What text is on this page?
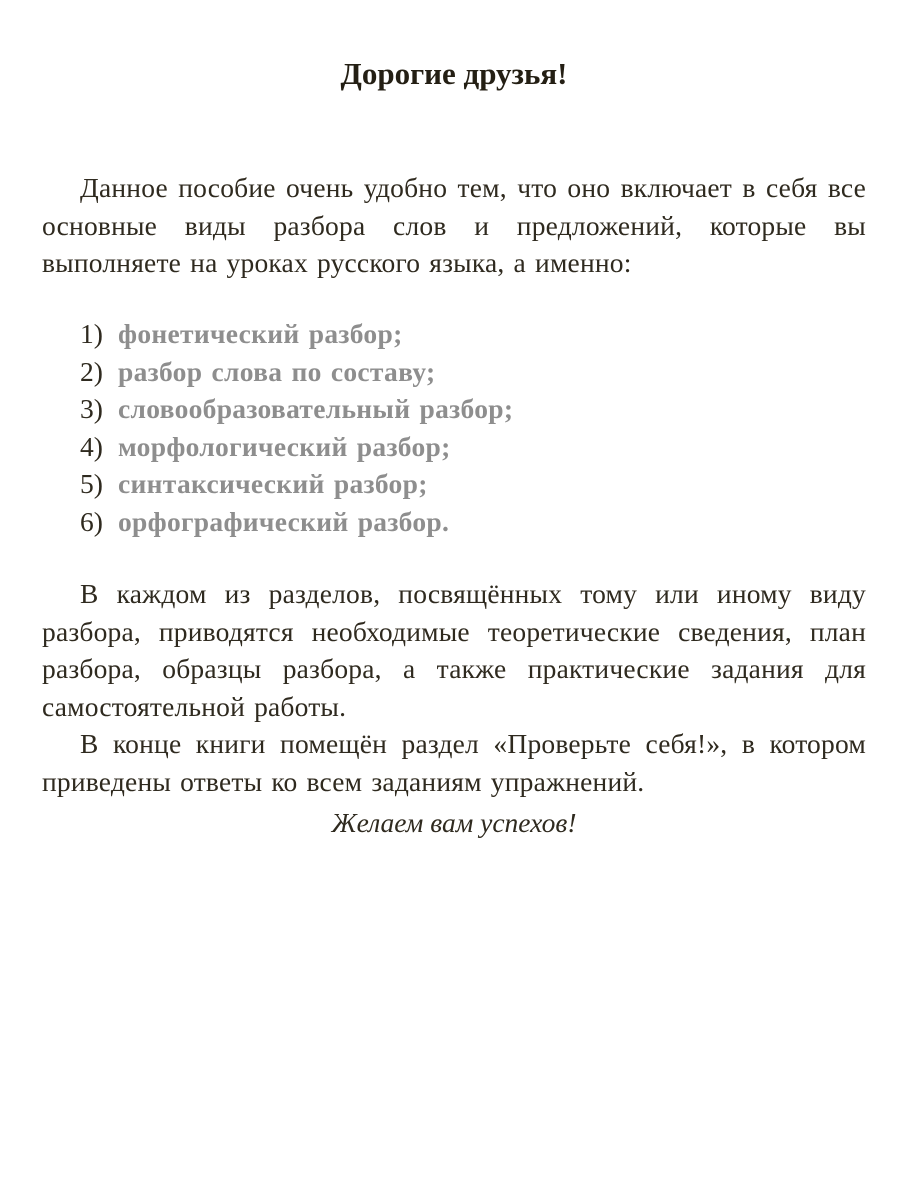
Дорогие друзья!

Данное пособие очень удобно тем, что оно включает в себя все основные виды разбора слов и предложений, которые вы выполняете на уроках русского языка, а именно:

1) фонетический разбор;
2) разбор слова по составу;
3) словообразовательный разбор;
4) морфологический разбор;
5) синтаксический разбор;
6) орфографический разбор.

В каждом из разделов, посвящённых тому или иному виду разбора, приводятся необходимые теоретические сведения, план разбора, образцы разбора, а также практические задания для самостоятельной работы.

В конце книги помещён раздел «Проверьте себя!», в котором приведены ответы ко всем заданиям упражнений.

Желаем вам успехов!
